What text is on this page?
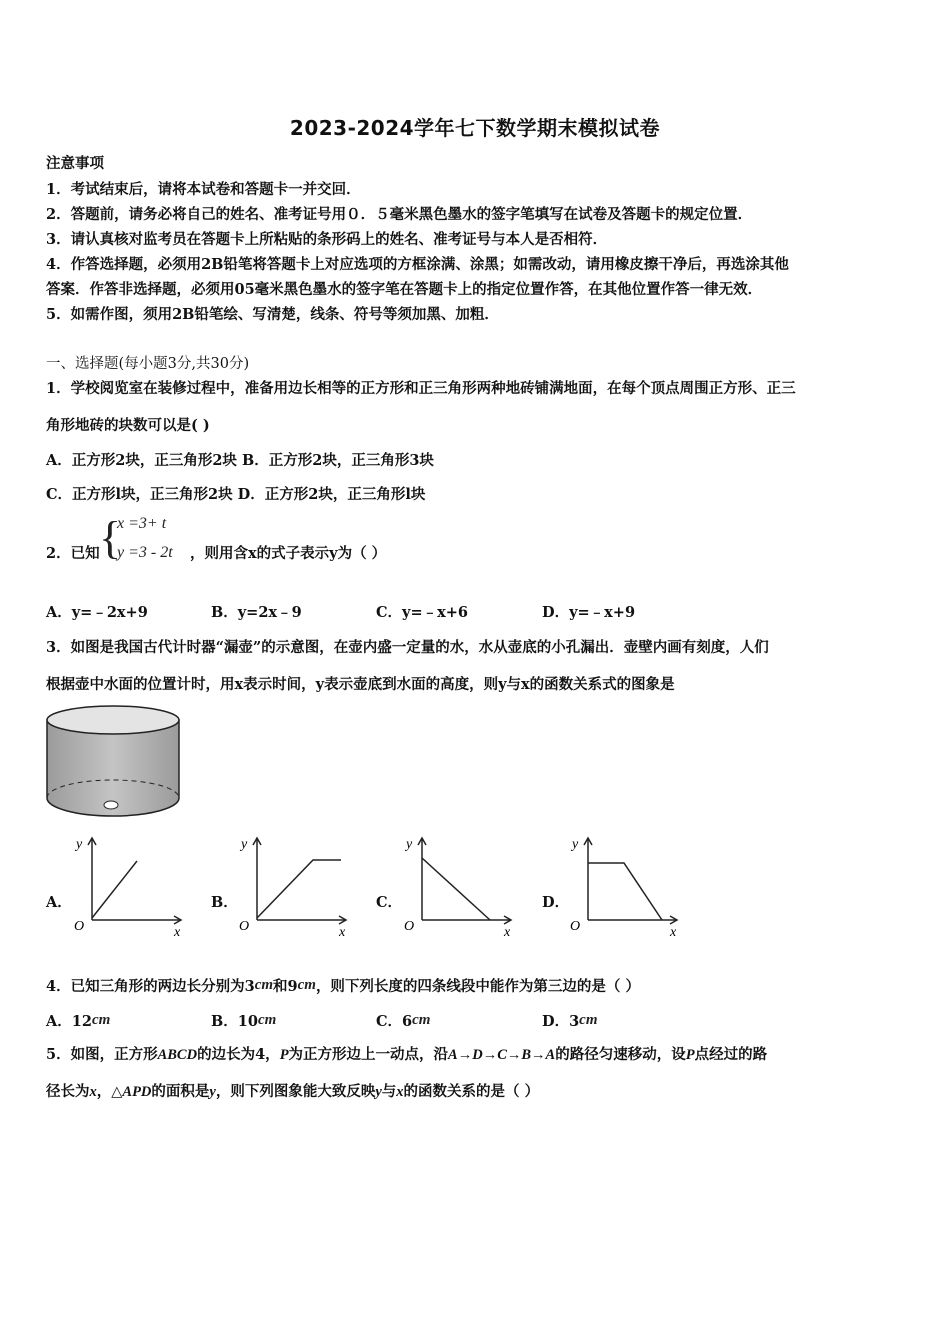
2023-2024学年七下数学期末模拟试卷
注意事项
1．考试结束后，请将本试卷和答题卡一并交回．
2．答题前，请务必将自己的姓名、准考证号用０．５毫米黑色墨水的签字笔填写在试卷及答题卡的规定位置．
3．请认真核对监考员在答题卡上所粘贴的条形码上的姓名、准考证号与本人是否相符．
4．作答选择题，必须用2B铅笔将答题卡上对应选项的方框涂满、涂黑；如需改动，请用橡皮擦干净后，再选涂其他
答案．作答非选择题，必须用05毫米黑色墨水的签字笔在答题卡上的指定位置作答，在其他位置作答一律无效．
5．如需作图，须用2B铅笔绘、写清楚，线条、符号等须加黑、加粗．
一、选择题(每小题3分,共30分)
1．学校阅览室在装修过程中，准备用边长相等的正方形和正三角形两种地砖铺满地面，在每个顶点周围正方形、正三
角形地砖的块数可以是( )
A．正方形2块，正三角形2块 B．正方形2块，正三角形3块
C．正方形l块，正三角形2块 D．正方形2块，正三角形l块
2．已知 {
x =3+ t
y =3 - 2t ，则用含x的式子表示y为（ ）
A．y=﹣2x+9	B．y=2x﹣9	C．y=﹣x+6	D．y=﹣x+9
3．如图是我国古代计时器“漏壶”的示意图，在壶内盛一定量的水，水从壶底的小孔漏出．壶壁内画有刻度，人们
根据壶中水面的位置计时，用x表示时间，y表示壶底到水面的高度，则y与x的函数关系式的图象是
A．
y
x
O
B．
y
x
O
C．
y
x
O
D．
y
x
O
4．已知三角形的两边长分别为3cm和9cm，则下列长度的四条线段中能作为第三边的是（ ）
A．12cm	B．10cm	C．6cm	D．3cm
5．如图，正方形ABCD的边长为4，P为正方形边上一动点，沿A→D→C→B→A的路径匀速移动，设P点经过的路
径长为x，△APD的面积是y，则下列图象能大致反映y与x的函数关系的是（ ）
